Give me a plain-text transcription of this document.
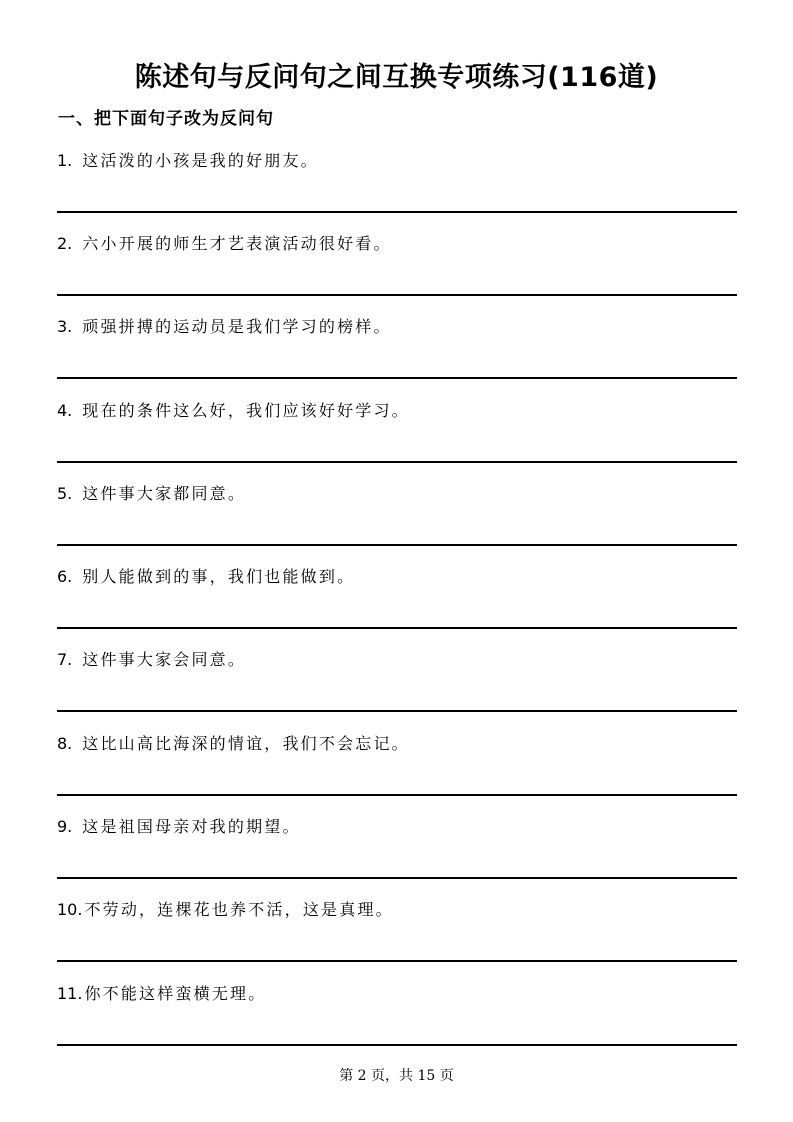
陈述句与反问句之间互换专项练习(116道)
一、把下面句子改为反问句
1. 这活泼的小孩是我的好朋友。
2. 六小开展的师生才艺表演活动很好看。
3. 顽强拼搏的运动员是我们学习的榜样。
4. 现在的条件这么好，我们应该好好学习。
5. 这件事大家都同意。
6. 别人能做到的事，我们也能做到。
7. 这件事大家会同意。
8. 这比山高比海深的情谊，我们不会忘记。
9. 这是祖国母亲对我的期望。
10. 不劳动，连棵花也养不活，这是真理。
11. 你不能这样蛮横无理。
第 2 页，共 15 页
